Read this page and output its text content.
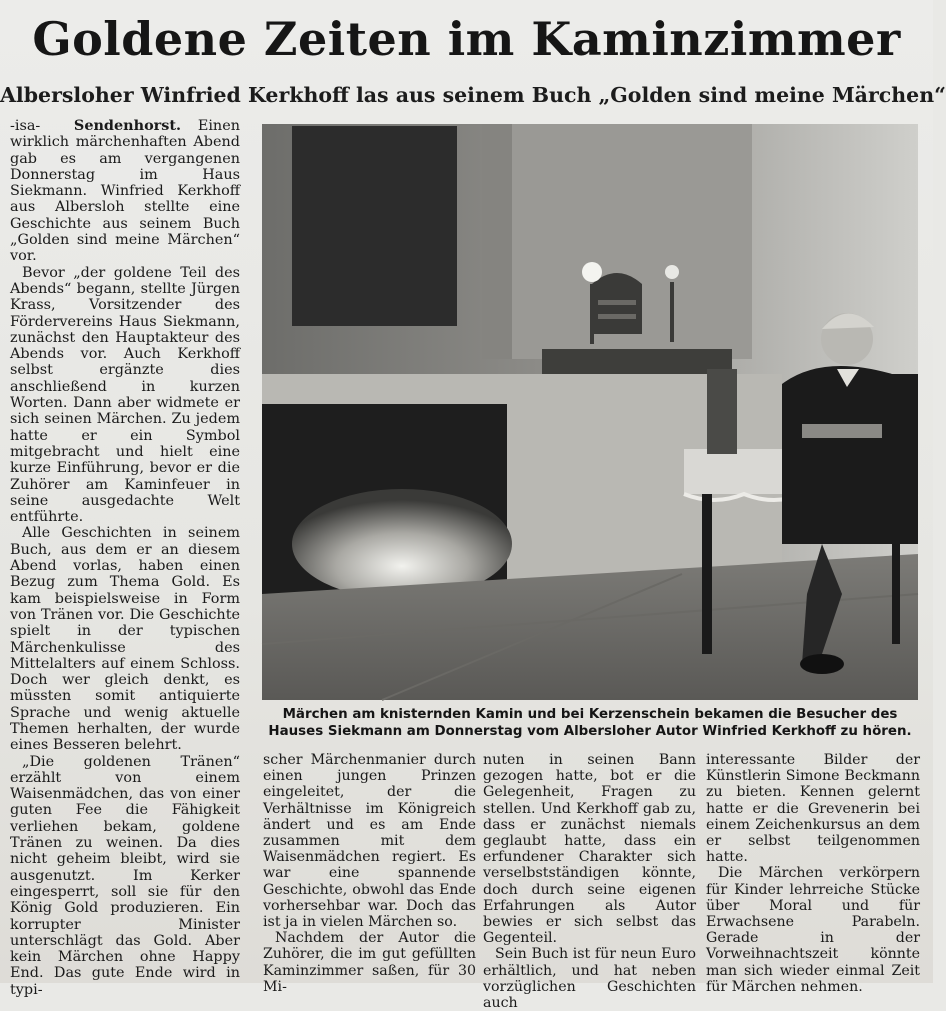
Goldene Zeiten im Kaminzimmer
Albersloher Winfried Kerkhoff las aus seinem Buch „Golden sind meine Märchen“

-isa- Sendenhorst. Einen wirklich märchenhaften Abend gab es am vergangenen Donnerstag im Haus Siekmann. Winfried Kerkhoff aus Albersloh stellte eine Geschichte aus seinem Buch „Golden sind meine Märchen“ vor.

Bevor „der goldene Teil des Abends“ begann, stellte Jürgen Krass, Vorsitzender des Fördervereins Haus Siekmann, zunächst den Hauptakteur des Abends vor. Auch Kerkhoff selbst ergänzte dies anschließend in kurzen Worten. Dann aber widmete er sich seinen Märchen. Zu jedem hatte er ein Symbol mitgebracht und hielt eine kurze Einführung, bevor er die Zuhörer am Kaminfeuer in seine ausgedachte Welt entführte.

Alle Geschichten in seinem Buch, aus dem er an diesem Abend vorlas, haben einen Bezug zum Thema Gold. Es kam beispielsweise in Form von Tränen vor. Die Geschichte spielt in der typischen Märchenkulisse des Mittelalters auf einem Schloss. Doch wer gleich denkt, es müssten somit antiquierte Sprache und wenig aktuelle Themen herhalten, der wurde eines Besseren belehrt.

„Die goldenen Tränen“ erzählt von einem Waisenmädchen, das von einer guten Fee die Fähigkeit verliehen bekam, goldene Tränen zu weinen. Da dies nicht geheim bleibt, wird sie ausgenutzt. Im Kerker eingesperrt, soll sie für den König Gold produzieren. Ein korrupter Minister unterschlägt das Gold. Aber kein Märchen ohne Happy End. Das gute Ende wird in typi-

Märchen am knisternden Kamin und bei Kerzenschein bekamen die Besucher des Hauses Siekmann am Donnerstag vom Albersloher Autor Winfried Kerkhoff zu hören.

scher Märchenmanier durch einen jungen Prinzen eingeleitet, der die Verhältnisse im Königreich ändert und es am Ende zusammen mit dem Waisenmädchen regiert. Es war eine spannende Geschichte, obwohl das Ende vorhersehbar war. Doch das ist ja in vielen Märchen so.

Nachdem der Autor die Zuhörer, die im gut gefüllten Kaminzimmer saßen, für 30 Mi-

nuten in seinen Bann gezogen hatte, bot er die Gelegenheit, Fragen zu stellen. Und Kerkhoff gab zu, dass er zunächst niemals geglaubt hatte, dass ein erfundener Charakter sich verselbstständigen könnte, doch durch seine eigenen Erfahrungen als Autor bewies er sich selbst das Gegenteil.

Sein Buch ist für neun Euro erhältlich, und hat neben vorzüglichen Geschichten auch

interessante Bilder der Künstlerin Simone Beckmann zu bieten. Kennen gelernt hatte er die Grevenerin bei einem Zeichenkursus an dem er selbst teilgenommen hatte.

Die Märchen verkörpern für Kinder lehrreiche Stücke über Moral und für Erwachsene Parabeln. Gerade in der Vorweihnachtszeit könnte man sich wieder einmal Zeit für Märchen nehmen.
